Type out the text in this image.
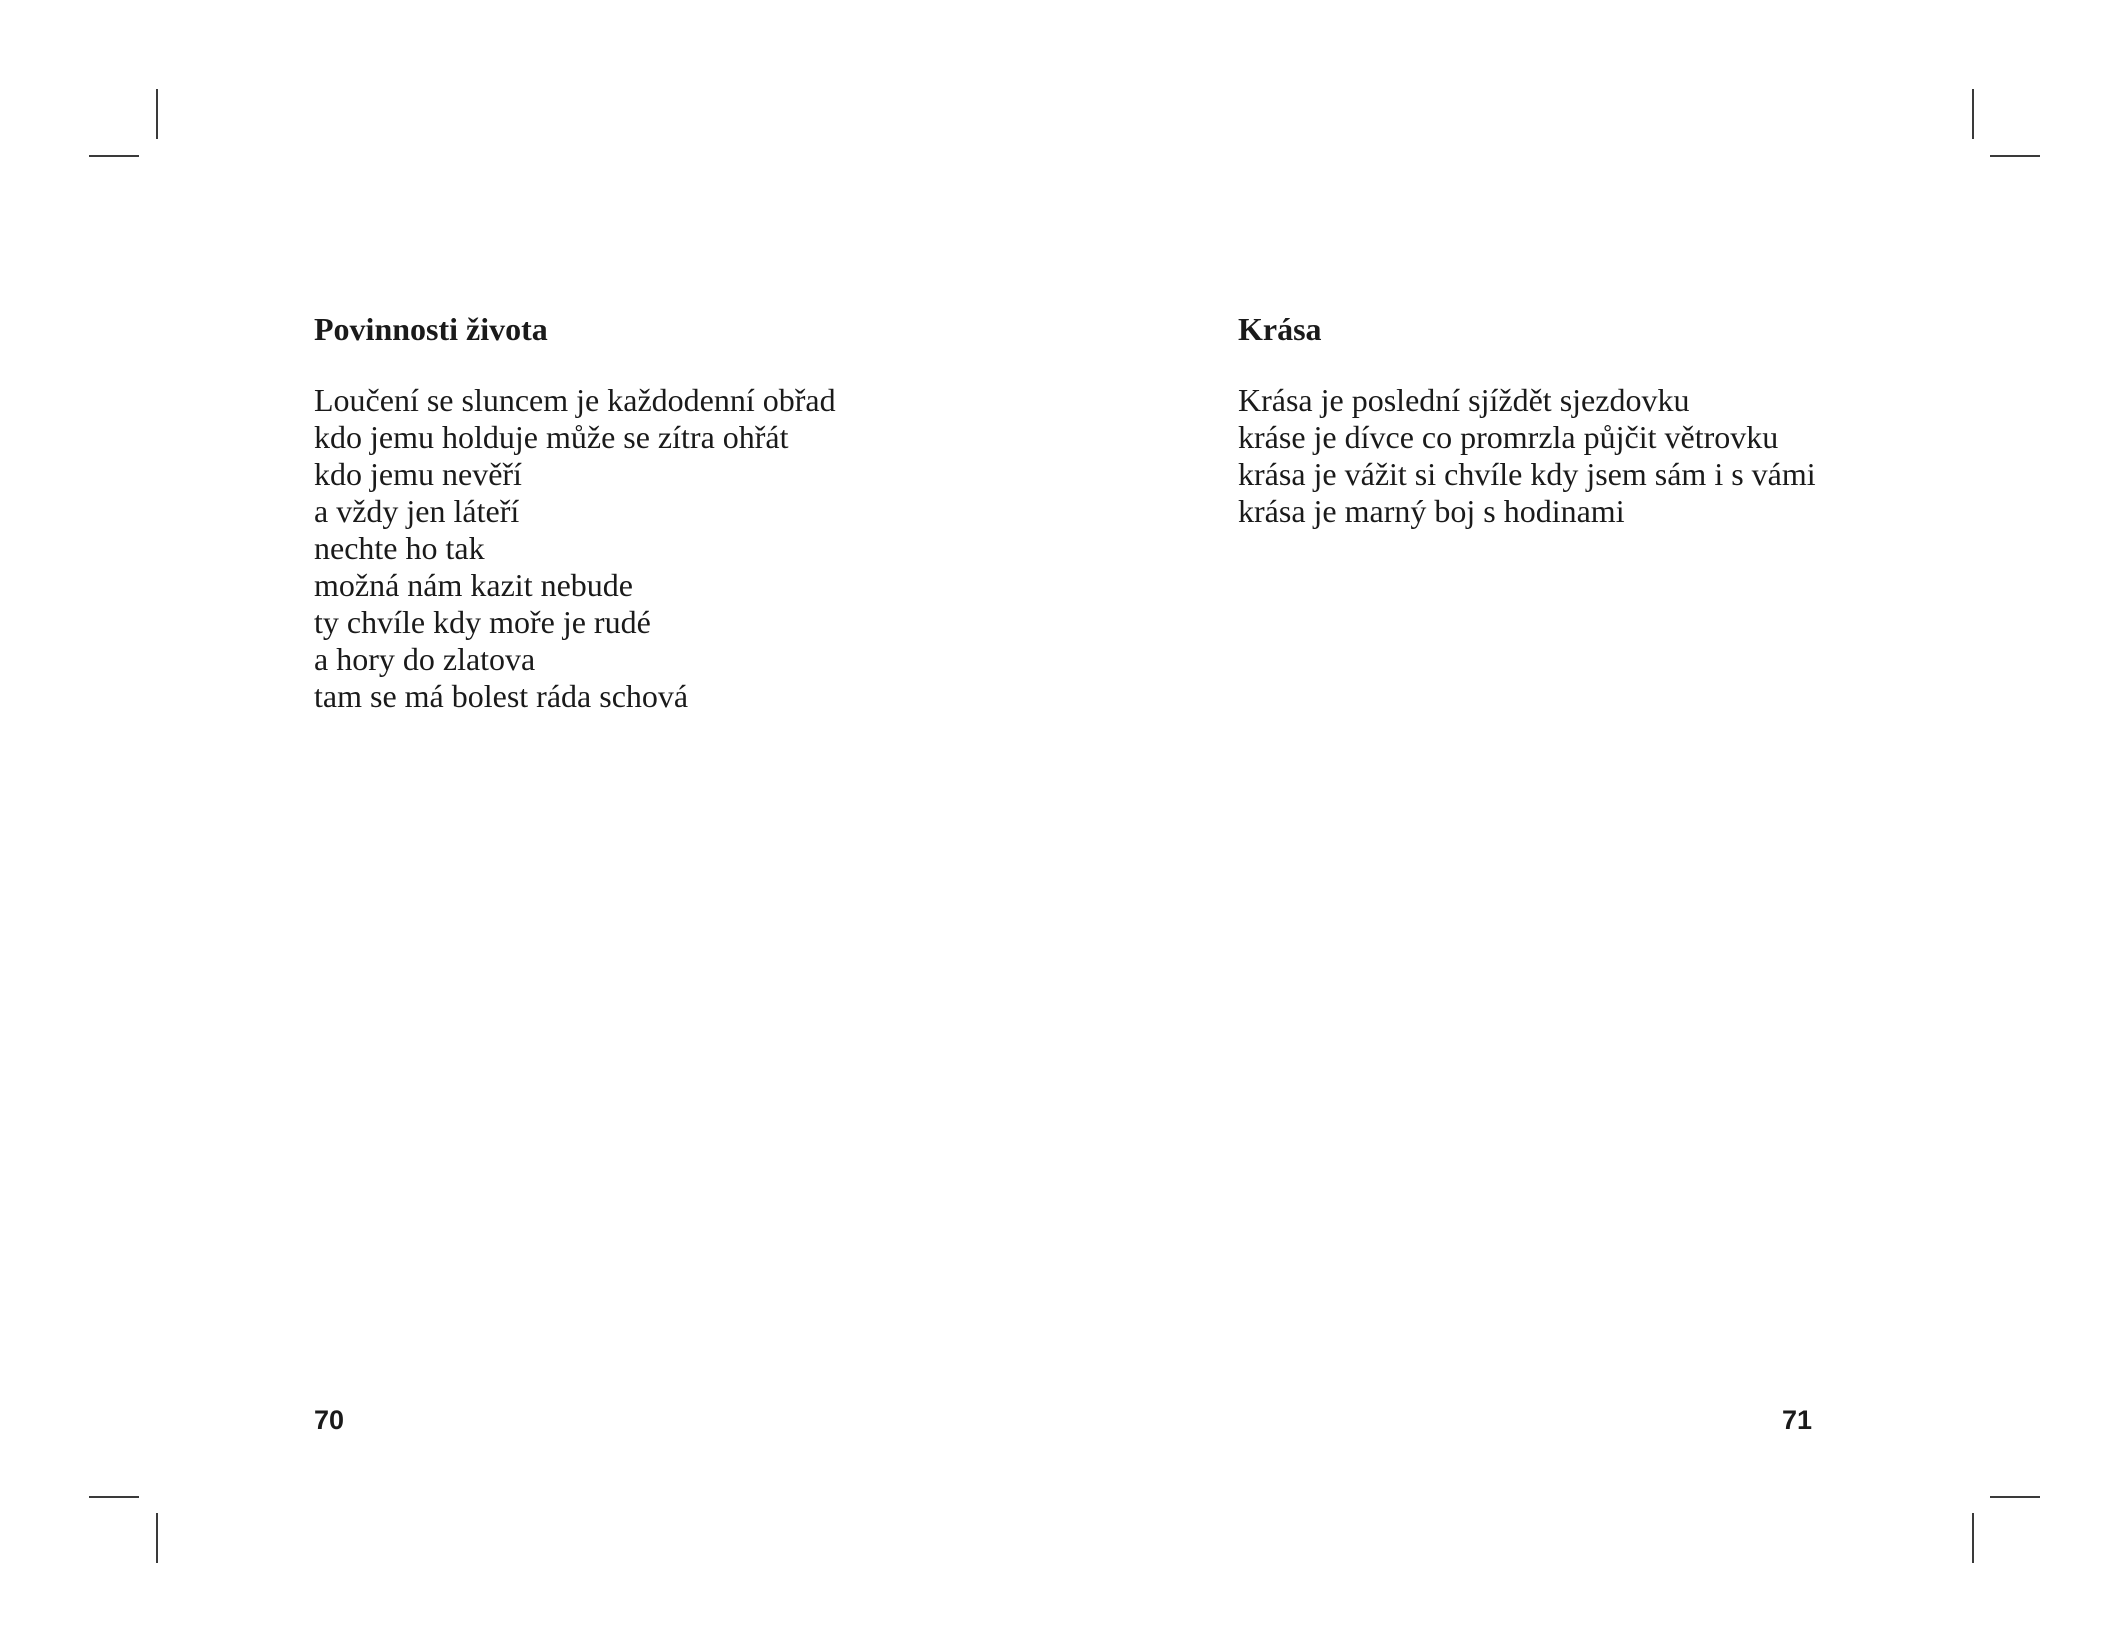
Povinnosti života
Loučení se sluncem je každodenní obřad
kdo jemu holduje může se zítra ohřát
kdo jemu nevěří
a vždy jen láteří
nechte ho tak
možná nám kazit nebude
ty chvíle kdy moře je rudé
a hory do zlatova
tam se má bolest ráda schová
70
Krása
Krása je poslední sjíždět sjezdovku
kráse je dívce co promrzla půjčit větrovku
krása je vážit si chvíle kdy jsem sám i s vámi
krása je marný boj s hodinami
71
